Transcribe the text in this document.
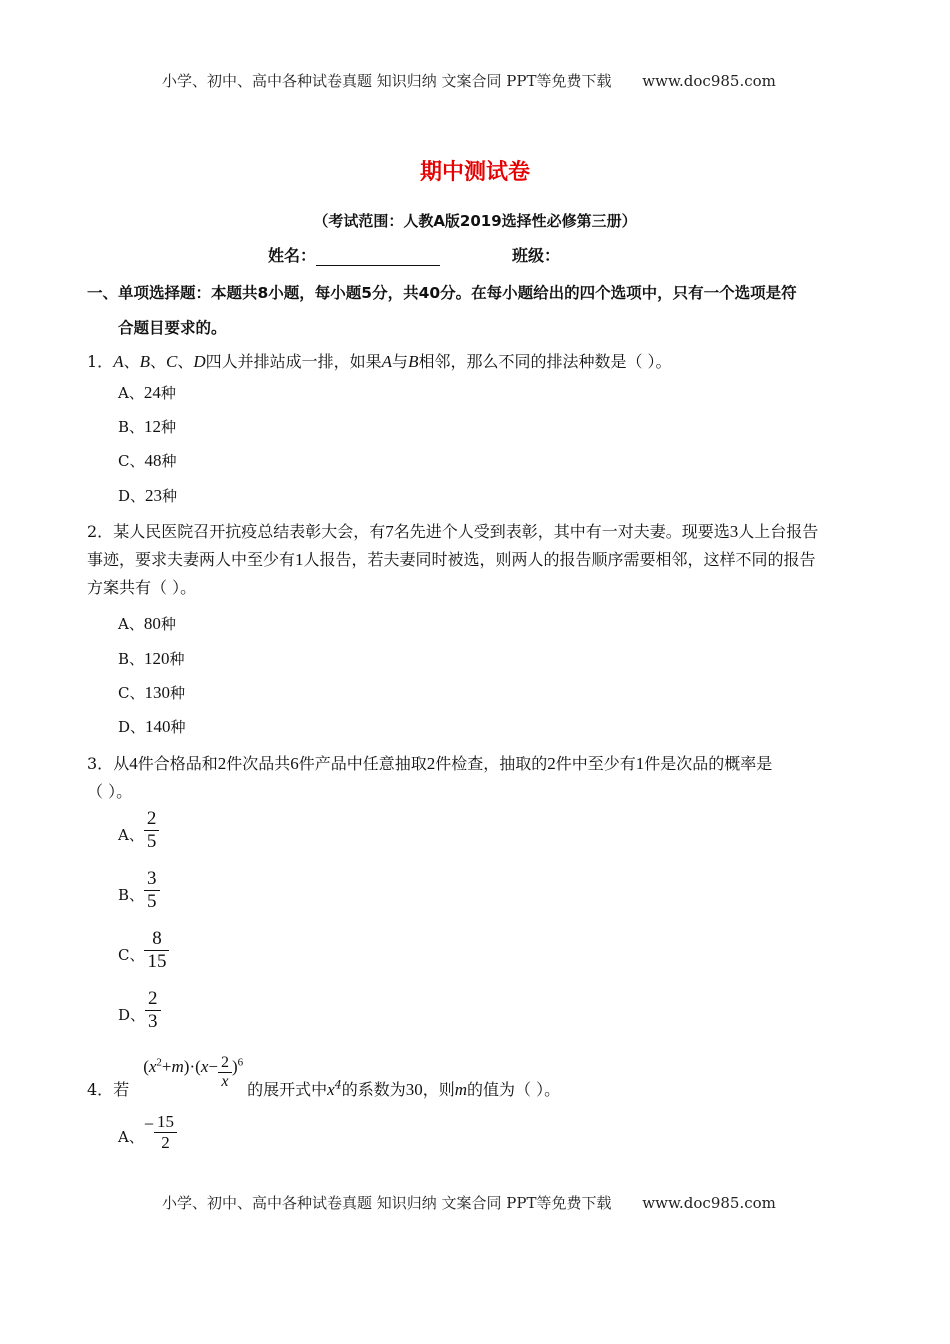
小学、初中、高中各种试卷真题 知识归纳 文案合同 PPT等免费下载 www.doc985.com
期中测试卷
（考试范围：人教A版2019选择性必修第三册）
姓名：	班级：
一、单项选择题：本题共8小题，每小题5分，共40分。在每小题给出的四个选项中，只有一个选项是符
合题目要求的。
1．A、B、C、D四人并排站成一排，如果A与B相邻，那么不同的排法种数是（ ）。
A、24种
B、12种
C、48种
D、23种
2．某人民医院召开抗疫总结表彰大会，有7名先进个人受到表彰，其中有一对夫妻。现要选3人上台报告
事迹，要求夫妻两人中至少有1人报告，若夫妻同时被选，则两人的报告顺序需要相邻，这样不同的报告
方案共有（ ）。
A、80种
B、120种
C、130种
D、140种
3．从4件合格品和2件次品共6件产品中任意抽取2件检查，抽取的2件中至少有1件是次品的概率是
（ ）。
A、 $\frac{2}{5}$
B、 $\frac{3}{5}$
C、 $\frac{8}{15}$
D、 $\frac{2}{3}$
4．若$(x^2+m)\cdot(x- \frac{2}{x} )^6$的展开式中$x^4$的系数为30，则m的值为（ ）。
A、− $\frac{15}{2}$
小学、初中、高中各种试卷真题 知识归纳 文案合同 PPT等免费下载 www.doc985.com
